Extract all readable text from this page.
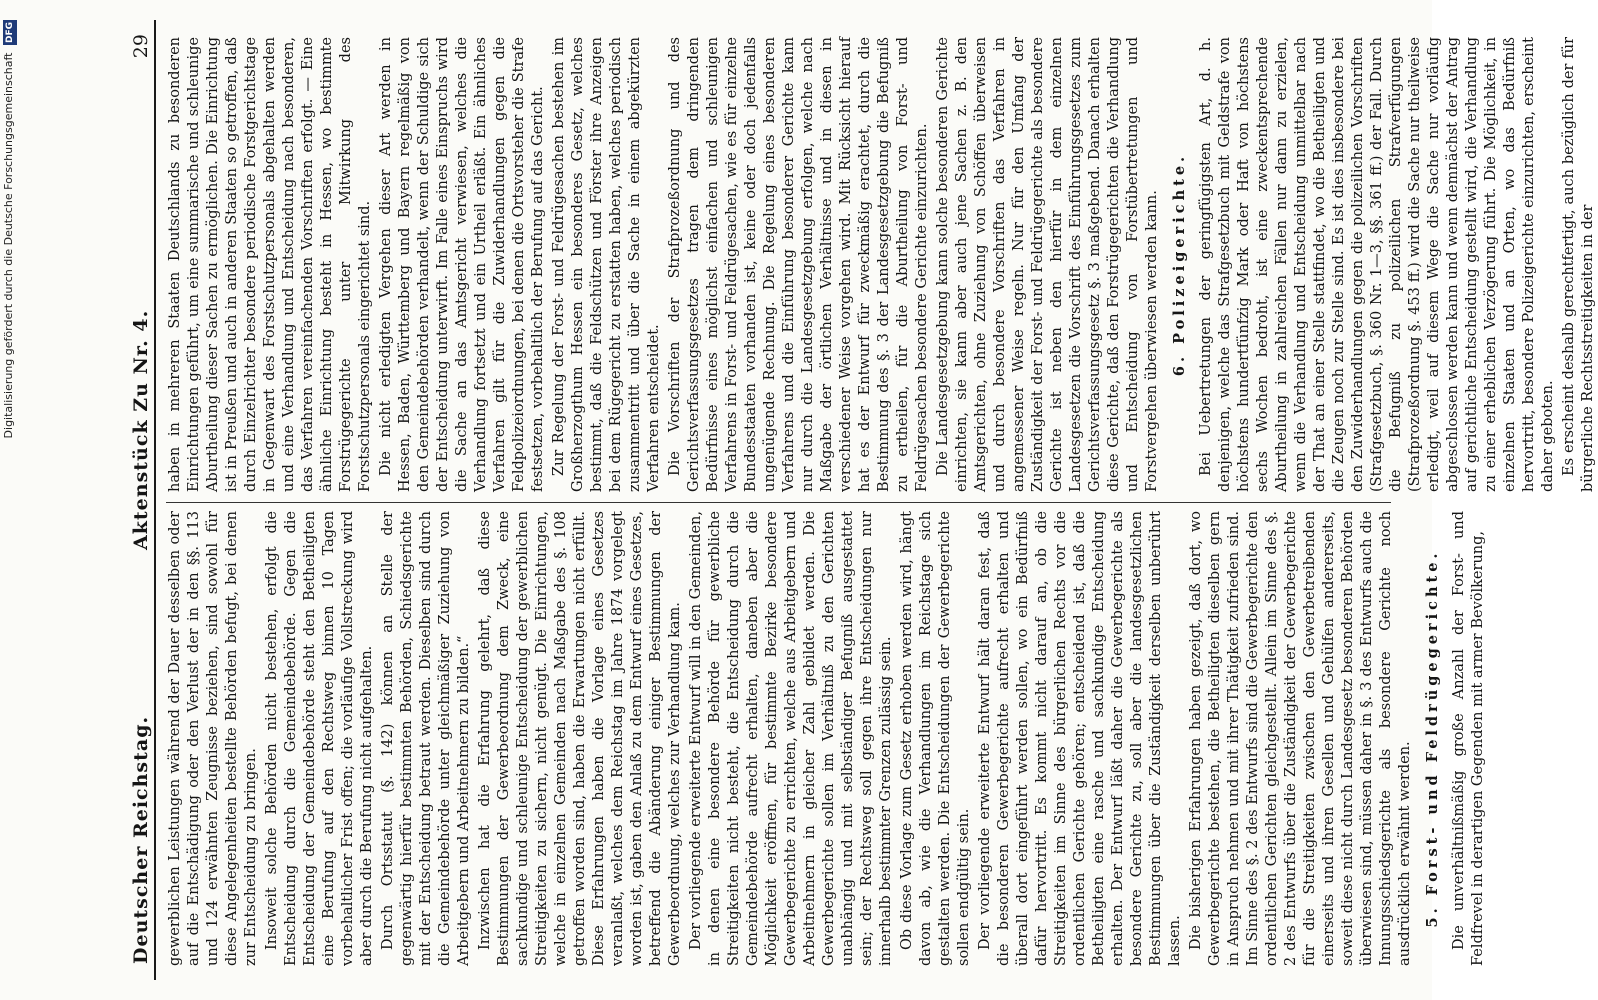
Digitalisierung gefördert durch die Deutsche Forschungsgemeinschaft DFG
Deutscher Reichstag.
Aktenstück Zu Nr. 4.
29

gewerblichen Leistungen während der Dauer desselben oder auf die Entschädigung oder den Verlust der in den §§. 113 und 124 erwähnten Zeugnisse beziehen, sind sowohl für diese Angelegenheiten bestellte Behörden befugt, bei denen zur Entscheidung zu bringen. Insoweit solche Behörden nicht bestehen, erfolgt die Entscheidung durch die Gemeindebehörde. Gegen die Entscheidung der Gemeindebehörde steht den Betheiligten eine Berufung auf den Rechtsweg binnen 10 Tagen vorbehaltlicher Frist offen; die vorläufige Vollstreckung wird aber durch die Berufung nicht aufgehalten. Durch Ortsstatut (§. 142) können an Stelle der gegenwärtig hierfür bestimmten Behörden, Schiedsgerichte mit der Entscheidung betraut werden. Dieselben sind durch die Gemeindebehörde unter gleichmäßiger Zuziehung von Arbeitgebern und Arbeitnehmern zu bilden.“ Inzwischen hat die Erfahrung gelehrt, daß diese Bestimmungen der Gewerbeordnung dem Zweck, eine sachkundige und schleunige Entscheidung der gewerblichen Streitigkeiten zu sichern, nicht genügt. Die Einrichtungen, welche in einzelnen Gemeinden nach Maßgabe des §. 108 getroffen worden sind, haben die Erwartungen nicht erfüllt. Diese Erfahrungen haben die Vorlage eines Gesetzes veranlaßt, welches dem Reichstag im Jahre 1874 vorgelegt worden ist, gaben den Anlaß zu dem Entwurf eines Gesetzes, betreffend die Abänderung einiger Bestimmungen der Gewerbeordnung, welches zur Verhandlung kam. Der vorliegende erweiterte Entwurf will in den Gemeinden, in denen eine besondere Behörde für gewerbliche Streitigkeiten nicht besteht, die Entscheidung durch die Gemeindebehörde aufrecht erhalten, daneben aber die Möglichkeit eröffnen, für bestimmte Bezirke besondere Gewerbegerichte zu errichten, welche aus Arbeitgebern und Arbeitnehmern in gleicher Zahl gebildet werden. Die Gewerbegerichte sollen im Verhältniß zu den Gerichten unabhängig und mit selbständiger Befugniß ausgestattet sein; der Rechtsweg soll gegen ihre Entscheidungen nur innerhalb bestimmter Grenzen zulässig sein. Ob diese Vorlage zum Gesetz erhoben werden wird, hängt davon ab, wie die Verhandlungen im Reichstage sich gestalten werden. Die Entscheidungen der Gewerbegerichte sollen endgültig sein. Der vorliegende erweiterte Entwurf hält daran fest, daß die besonderen Gewerbegerichte aufrecht erhalten und überall dort eingeführt werden sollen, wo ein Bedürfniß dafür hervortritt. Es kommt nicht darauf an, ob die Streitigkeiten im Sinne des bürgerlichen Rechts vor die ordentlichen Gerichte gehören; entscheidend ist, daß die Betheiligten eine rasche und sachkundige Entscheidung erhalten. Der Entwurf läßt daher die Gewerbegerichte als besondere Gerichte zu, soll aber die landesgesetzlichen Bestimmungen über die Zuständigkeit derselben unberührt lassen. Die bisherigen Erfahrungen haben gezeigt, daß dort, wo Gewerbegerichte bestehen, die Betheiligten dieselben gern in Anspruch nehmen und mit ihrer Thätigkeit zufrieden sind. Im Sinne des §. 2 des Entwurfs sind die Gewerbegerichte den ordentlichen Gerichten gleichgestellt. Allein im Sinne des §. 2 des Entwurfs über die Zuständigkeit der Gewerbegerichte für die Streitigkeiten zwischen den Gewerbetreibenden einerseits und ihren Gesellen und Gehülfen andererseits, soweit diese nicht durch Landesgesetz besonderen Behörden überwiesen sind, müssen daher in §. 3 des Entwurfs auch die Innungsschiedsgerichte als besondere Gerichte noch ausdrücklich erwähnt werden. 5. Forst- und Feldrügegerichte. Die unverhältnißmäßig große Anzahl der Forst- und Feldfrevel in derartigen Gegenden mit armer Bevölkerung,

haben in mehreren Staaten Deutschlands zu besonderen Einrichtungen geführt, um eine summarische und schleunige Aburtheilung dieser Sachen zu ermöglichen. Die Einrichtung ist in Preußen und auch in anderen Staaten so getroffen, daß durch Einzelrichter besondere periodische Forstgerichtstage in Gegenwart des Forstschutzpersonals abgehalten werden und eine Verhandlung und Entscheidung nach besonderen, das Verfahren vereinfachenden Vorschriften erfolgt. — Eine ähnliche Einrichtung besteht in Hessen, wo bestimmte Forstrügegerichte unter Mitwirkung des Forstschutzpersonals eingerichtet sind. Die nicht erledigten Vergehen dieser Art werden in Hessen, Baden, Württemberg und Bayern regelmäßig von den Gemeindebehörden verhandelt, wenn der Schuldige sich der Entscheidung unterwirft. Im Falle eines Einspruchs wird die Sache an das Amtsgericht verwiesen, welches die Verhandlung fortsetzt und ein Urtheil erläßt. Ein ähnliches Verfahren gilt für die Zuwiderhandlungen gegen die Feldpolizeiordnungen, bei denen die Ortsvorsteher die Strafe festsetzen, vorbehaltlich der Berufung auf das Gericht. Zur Regelung der Forst- und Feldrügesachen bestehen im Großherzogthum Hessen ein besonderes Gesetz, welches bestimmt, daß die Feldschützen und Förster ihre Anzeigen bei dem Rügegericht zu erstatten haben, welches periodisch zusammentritt und über die Sache in einem abgekürzten Verfahren entscheidet. Die Vorschriften der Strafprozeßordnung und des Gerichtsverfassungsgesetzes tragen dem dringenden Bedürfnisse eines möglichst einfachen und schleunigen Verfahrens in Forst- und Feldrügesachen, wie es für einzelne Bundesstaaten vorhanden ist, keine oder doch jedenfalls ungenügende Rechnung. Die Regelung eines besonderen Verfahrens und die Einführung besonderer Gerichte kann nur durch die Landesgesetzgebung erfolgen, welche nach Maßgabe der örtlichen Verhältnisse und in diesen in verschiedener Weise vorgehen wird. Mit Rücksicht hierauf hat es der Entwurf für zweckmäßig erachtet, durch die Bestimmung des §. 3 der Landesgesetzgebung die Befugniß zu ertheilen, für die Aburtheilung von Forst- und Feldrügesachen besondere Gerichte einzurichten. Die Landesgesetzgebung kann solche besonderen Gerichte einrichten, sie kann aber auch jene Sachen z. B. den Amtsgerichten, ohne Zuziehung von Schöffen überweisen und durch besondere Vorschriften das Verfahren in angemessener Weise regeln. Nur für den Umfang der Zuständigkeit der Forst- und Feldrügegerichte als besondere Gerichte ist neben den hierfür in dem einzelnen Landesgesetzen die Vorschrift des Einführungsgesetzes zum Gerichtsverfassungsgesetz §. 3 maßgebend. Danach erhalten diese Gerichte, daß den Forstrügegerichten die Verhandlung und Entscheidung von Forstübertretungen und Forstvergehen überwiesen werden kann. 6. Polizeigerichte. Bei Uebertretungen der geringfügigsten Art, d. h. denjenigen, welche das Strafgesetzbuch mit Geldstrafe von höchstens hundertfünfzig Mark oder Haft von höchstens sechs Wochen bedroht, ist eine zweckentsprechende Aburtheilung in zahlreichen Fällen nur dann zu erzielen, wenn die Verhandlung und Entscheidung unmittelbar nach der That an einer Stelle stattfindet, wo die Betheiligten und die Zeugen noch zur Stelle sind. Es ist dies insbesondere bei den Zuwiderhandlungen gegen die polizeilichen Vorschriften (Strafgesetzbuch, §. 360 Nr. 1—3, §§. 361 ff.) der Fall. Durch die Befugniß zu polizeilichen Strafverfügungen (Strafprozeßordnung §. 453 ff.) wird die Sache nur theilweise erledigt, weil auf diesem Wege die Sache nur vorläufig abgeschlossen werden kann und wenn demnächst der Antrag auf gerichtliche Entscheidung gestellt wird, die Verhandlung zu einer erheblichen Verzögerung führt. Die Möglichkeit, in einzelnen Staaten und an Orten, wo das Bedürfniß hervortritt, besondere Polizeigerichte einzurichten, erscheint daher geboten. Es erscheint deshalb gerechtfertigt, auch bezüglich der für bürgerliche Rechtsstreitigkeiten in der
